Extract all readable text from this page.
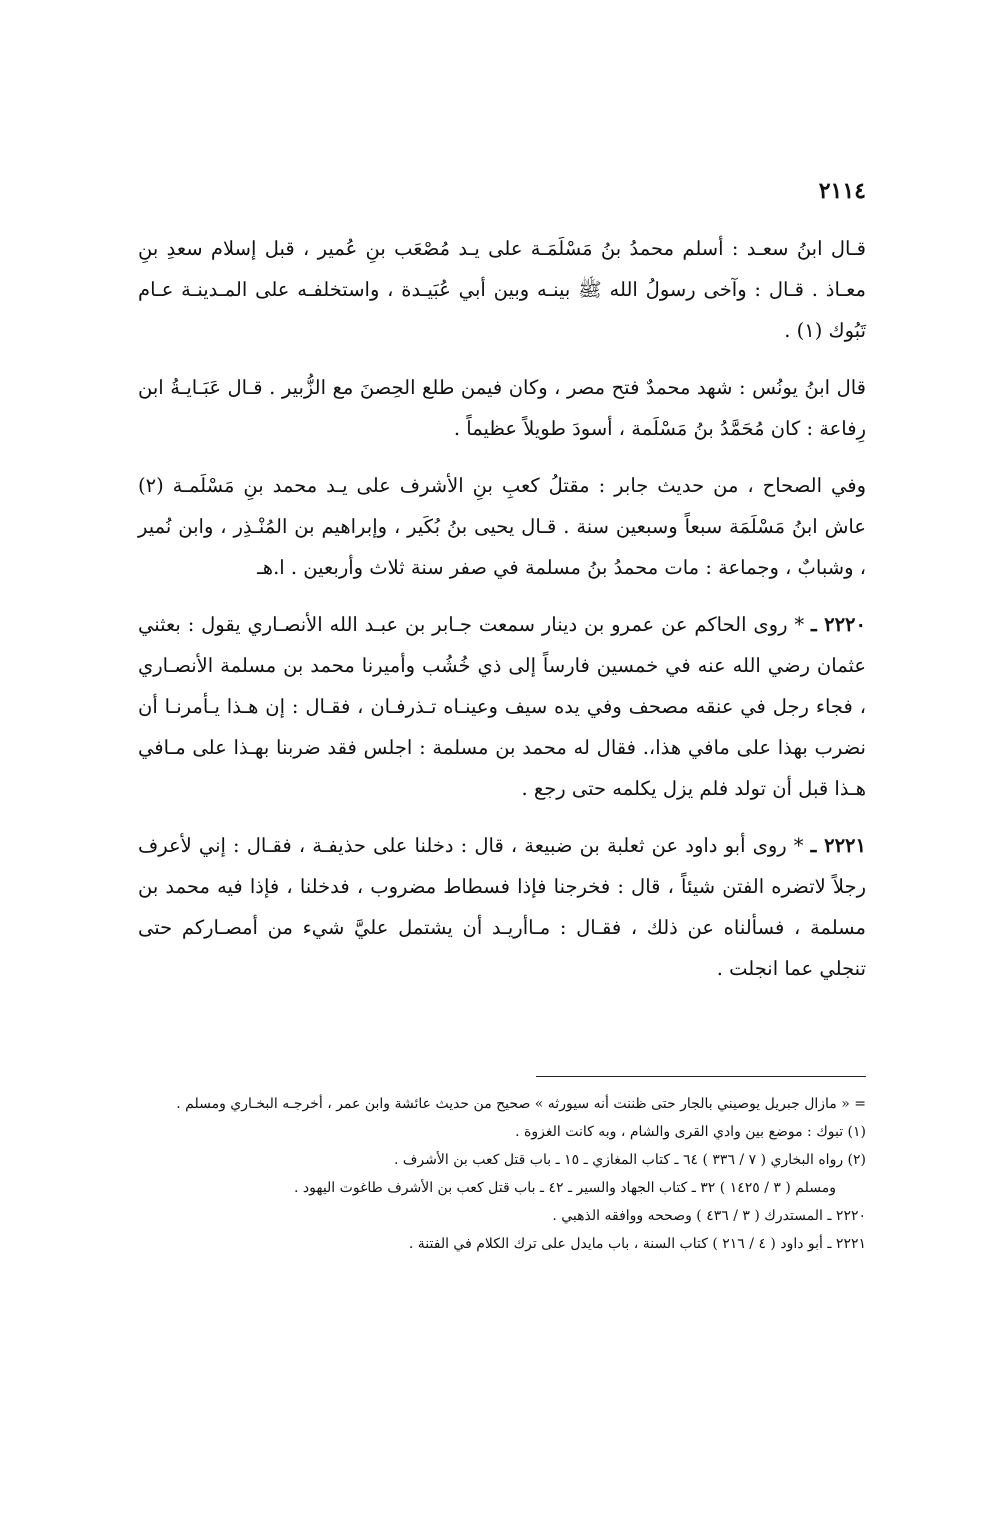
٢١١٤

قـال ابنُ سعـد : أسلم محمدُ بنُ مَسْلَمَـة على يـد مُصْعَب بنِ عُمير ، قبل إسلام سعدِ بنِ معـاذ . قـال : وآخى رسولُ الله ﷺ بينـه وبين أبي عُبَيـدة ، واستخلفـه على المـدينـة عـام تَبُوك (١) .

قال ابنُ يونُس : شهد محمدٌ فتح مصر ، وكان فيمن طلع الحِصنَ مع الزُّبير . قـال عَبَـايـةُ ابن رِفاعة : كان مُحَمَّدُ بنُ مَسْلَمة ، أسودَ طويلاً عظيماً .

وفي الصحاح ، من حديث جابر : مقتلُ كعبِ بنِ الأشرف على يـد محمد بنِ مَسْلَمـة (٢) عاش ابنُ مَسْلَمَة سبعاً وسبعين سنة . قـال يحيى بنُ بُكَير ، وإبراهيم بن المُنْـذِر ، وابن نُمير ، وشبابٌ ، وجماعة : مات محمدُ بنُ مسلمة في صفر سنة ثلاث وأربعين . ا.هـ

٢٢٢٠ ـ * روى الحاكم عن عمرو بن دينار سمعت جـابر بن عبـد الله الأنصـاري يقول : بعثني عثمان رضي الله عنه في خمسين فارساً إلى ذي خُشُب وأميرنا محمد بن مسلمة الأنصـاري ، فجاء رجل في عنقه مصحف وفي يده سيف وعينـاه تـذرفـان ، فقـال : إن هـذا يـأمرنـا أن نضرب بهذا على مافي هذا،. فقال له محمد بن مسلمة : اجلس فقد ضربنا بهـذا على مـافي هـذا قبل أن تولد فلم يزل يكلمه حتى رجع .

٢٢٢١ ـ * روى أبو داود عن ثعلبة بن ضبيعة ، قال : دخلنا على حذيفـة ، فقـال : إني لأعرف رجلاً لاتضره الفتن شيئاً ، قال : فخرجنا فإذا فسطاط مضروب ، فدخلنا ، فإذا فيه محمد بن مسلمة ، فسألناه عن ذلك ، فقـال : مـاأريـد أن يشتمل عليَّ شيء من أمصـاركم حتى تنجلي عما انجلت .

= « مازال جبريل يوصيني بالجار حتى ظننت أنه سيورثه » صحيح من حديث عائشة وابن عمر ، أخرجـه البخـاري ومسلم .

(١) تبوك : موضع بين وادي القرى والشام ، وبه كانت الغزوة .

(٢) رواه البخاري ( ٧ / ٣٣٦ ) ٦٤ ـ كتاب المغازي ـ ١٥ ـ باب قتل كعب بن الأشرف .

ومسلم ( ٣ / ١٤٢٥ ) ٣٢ ـ كتاب الجهاد والسير ـ ٤٢ ـ باب قتل كعب بن الأشرف طاغوت اليهود .

٢٢٢٠ ـ المستدرك ( ٣ / ٤٣٦ ) وصححه ووافقه الذهبي .

٢٢٢١ ـ أبو داود ( ٤ / ٢١٦ ) كتاب السنة ، باب مايدل على ترك الكلام في الفتنة .
